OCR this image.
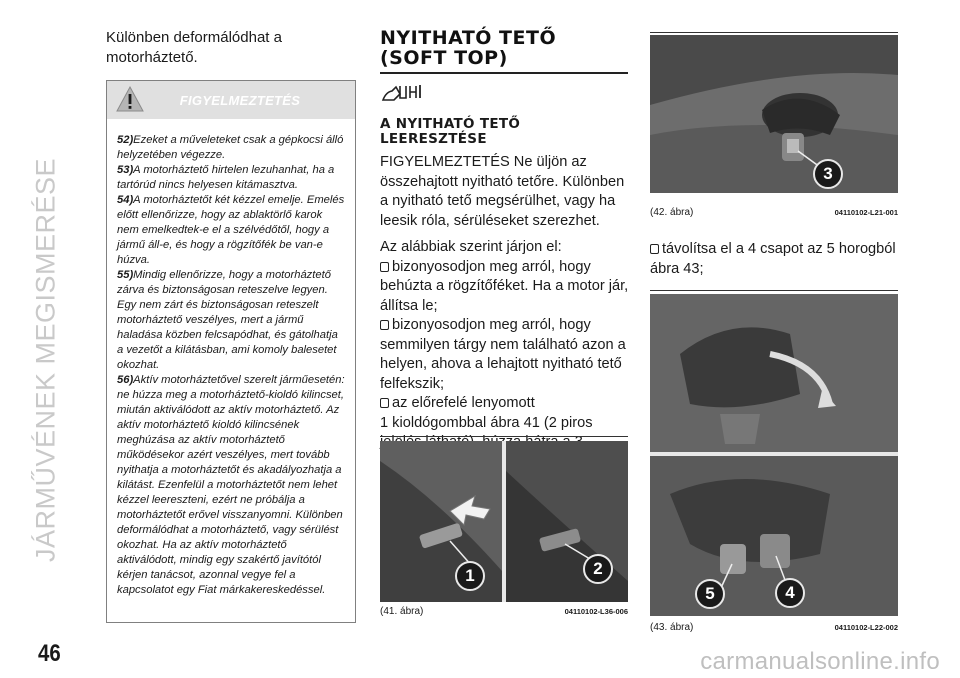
JÁRMŰVÉNEK MEGISMERÉSE
46

Különben deformálódhat a motorháztető.

FIGYELMEZTETÉS

52)Ezeket a műveleteket csak a gépkocsi álló helyzetében végezze.

53)A motorháztető hirtelen lezuhanhat, ha a tartórúd nincs helyesen kitámasztva.

54)A motorháztetőt két kézzel emelje. Emelés előtt ellenőrizze, hogy az ablaktörlő karok nem emelkedtek-e el a szélvédőtől, hogy a jármű áll-e, és hogy a rögzítőfék be van-e húzva.

55)Mindig ellenőrizze, hogy a motorháztető zárva és biztonságosan reteszelve legyen. Egy nem zárt és biztonságosan reteszelt motorháztető veszélyes, mert a jármű haladása közben felcsapódhat, és gátolhatja a vezetőt a kilátásban, ami komoly balesetet okozhat.

56)Aktív motorháztetővel szerelt járműesetén: ne húzza meg a motorháztető-kioldó kilincset, miután aktiválódott az aktív motorháztető. Az aktív motorháztető kioldó kilincsének meghúzása az aktív motorháztető működésekor azért veszélyes, mert tovább nyithatja a motorháztetőt és akadályozhatja a kilátást. Ezenfelül a motorháztetőt nem lehet kézzel leereszteni, ezért ne próbálja a motorháztetőt erővel visszanyomni. Különben deformálódhat a motorháztető, vagy sérülést okozhat. Ha az aktív motorháztető aktiválódott, mindig egy szakértő javítótól kérjen tanácsot, azonnal vegye fel a kapcsolatot egy Fiat márkakereskedéssel.

NYITHATÓ TETŐ
(SOFT TOP)
A NYITHATÓ TETŐ
LEERESZTÉSE

FIGYELMEZTETÉS Ne üljön az összehajtott nyitható tetőre. Különben a nyitható tető megsérülhet, vagy ha leesik róla, sérüléseket szerezhet.

Az alábbiak szerint járjon el:

bizonyosodjon meg arról, hogy behúzta a rögzítőféket. Ha a motor jár, állítsa le;
bizonyosodjon meg arról, hogy semmilyen tárgy nem található azon a helyen, ahova a lehajtott nyitható tető felfekszik;
az előrefelé lenyomott

1 kioldógombbal ábra 41 (2 piros

1	2
(41. ábra)	04110102-L36-006
3
(42. ábra)	04110102-L21-001
távolítsa el a 4 csapot az 5 horogból ábra 43;
5	4
(43. ábra)	04110102-L22-002
carmanualsonline.info
